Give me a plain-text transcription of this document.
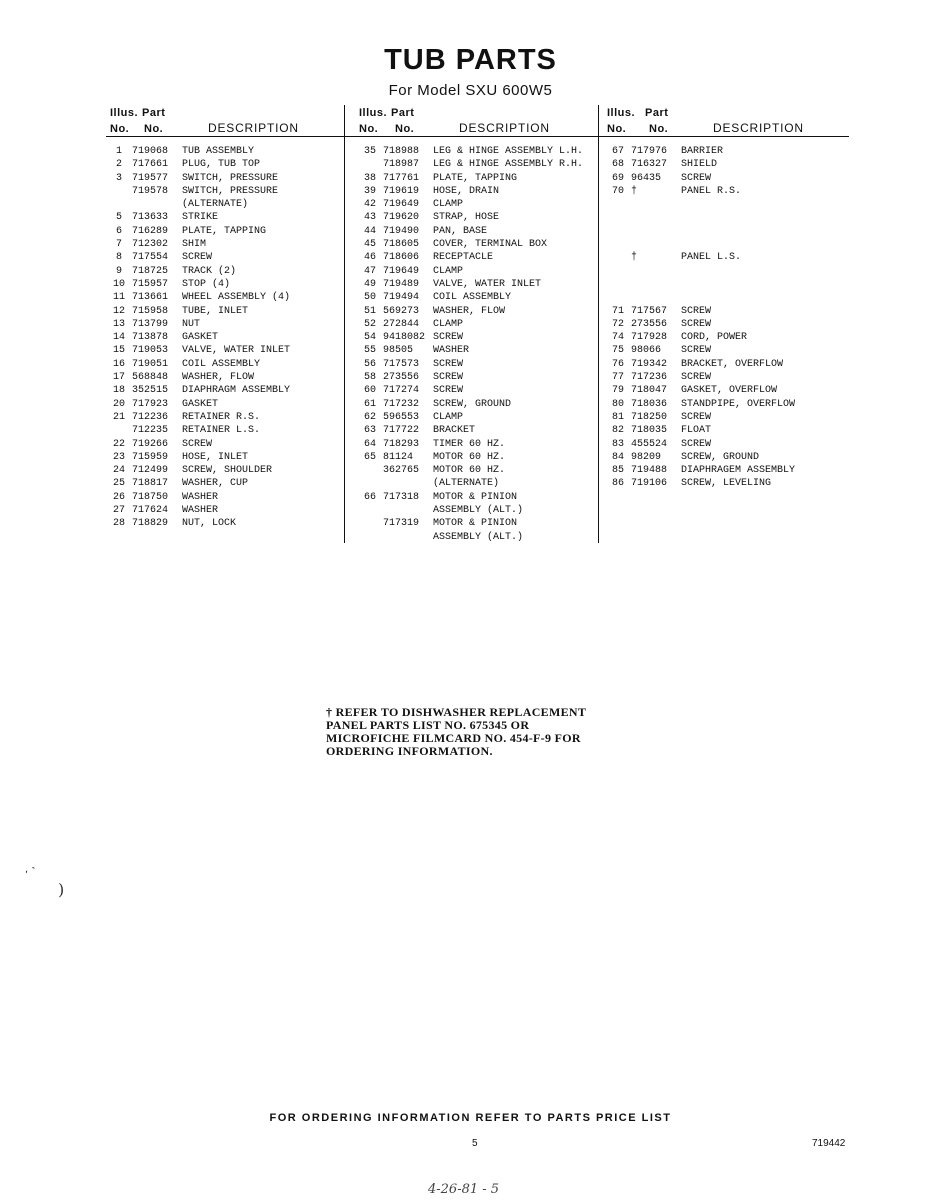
TUB PARTS
For Model SXU 600W5
Illus. Part
No. No.	DESCRIPTION
1	719068	TUB ASSEMBLY
2	717661	PLUG, TUB TOP
3	719577	SWITCH, PRESSURE
719578	SWITCH, PRESSURE
(ALTERNATE)
5	713633	STRIKE
6	716289	PLATE, TAPPING
7	712302	SHIM
8	717554	SCREW
9	718725	TRACK (2)
10 715957	STOP (4)
11 713661	WHEEL ASSEMBLY (4)
12 715958	TUBE, INLET
13 713799	NUT
14 713878	GASKET
15 719053	VALVE, WATER INLET
16 719051	COIL ASSEMBLY
17 568848	WASHER, FLOW
18 352515	DIAPHRAGM ASSEMBLY
20 717923	GASKET
21 712236	RETAINER R.S.
712235	RETAINER L.S.
22 719266	SCREW
23 715959	HOSE, INLET
24 712499	SCREW, SHOULDER
25 718817	WASHER, CUP
26 718750	WASHER
27 717624	WASHER
28 718829	NUT, LOCK
Illus. Part
No. No.	DESCRIPTION
35 718988	LEG & HINGE ASSEMBLY L.H.
718987	LEG & HINGE ASSEMBLY R.H.
38 717761	PLATE, TAPPING
39 719619	HOSE, DRAIN
42 719649	CLAMP
43 719620	STRAP, HOSE
44 719490	PAN, BASE
45 718605	COVER, TERMINAL BOX
46 718606	RECEPTACLE
47 719649	CLAMP
49 719489	VALVE, WATER INLET
50 719494	COIL ASSEMBLY
51 569273	WASHER, FLOW
52 272844	CLAMP
54 9418082 SCREW
55 98505	WASHER
56 717573	SCREW
58 273556	SCREW
60 717274	SCREW
61 717232	SCREW, GROUND
62 596553	CLAMP
63 717722	BRACKET
64 718293	TIMER 60 HZ.
65 81124	MOTOR 60 HZ.
362765	MOTOR 60 HZ.
(ALTERNATE)
66 717318	MOTOR & PINION
ASSEMBLY (ALT.)
717319	MOTOR & PINION
ASSEMBLY (ALT.)
Illus. Part
No. No.	DESCRIPTION
67 717976	BARRIER
68 716327	SHIELD
69 96435	SCREW
70 †	PANEL R.S.
†	PANEL L.S.
71 717567	SCREW
72 273556	SCREW
74 717928	CORD, POWER
75 98066	SCREW
76 719342	BRACKET, OVERFLOW
77 717236	SCREW
79 718047	GASKET, OVERFLOW
80 718036	STANDPIPE, OVERFLOW
81 718250	SCREW
82 718035	FLOAT
83 455524	SCREW
84 98209	SCREW, GROUND
85 719488	DIAPHRAGEM ASSEMBLY
86 719106	SCREW, LEVELING

† REFER TO DISHWASHER REPLACEMENT PANEL PARTS LIST NO. 675345 OR MICROFICHE FILMCARD NO. 454-F-9 FOR ORDERING INFORMATION.

FOR ORDERING INFORMATION REFER TO PARTS PRICE LIST
5	719442
4-26-81 - 5
ˏ ˎ
)
